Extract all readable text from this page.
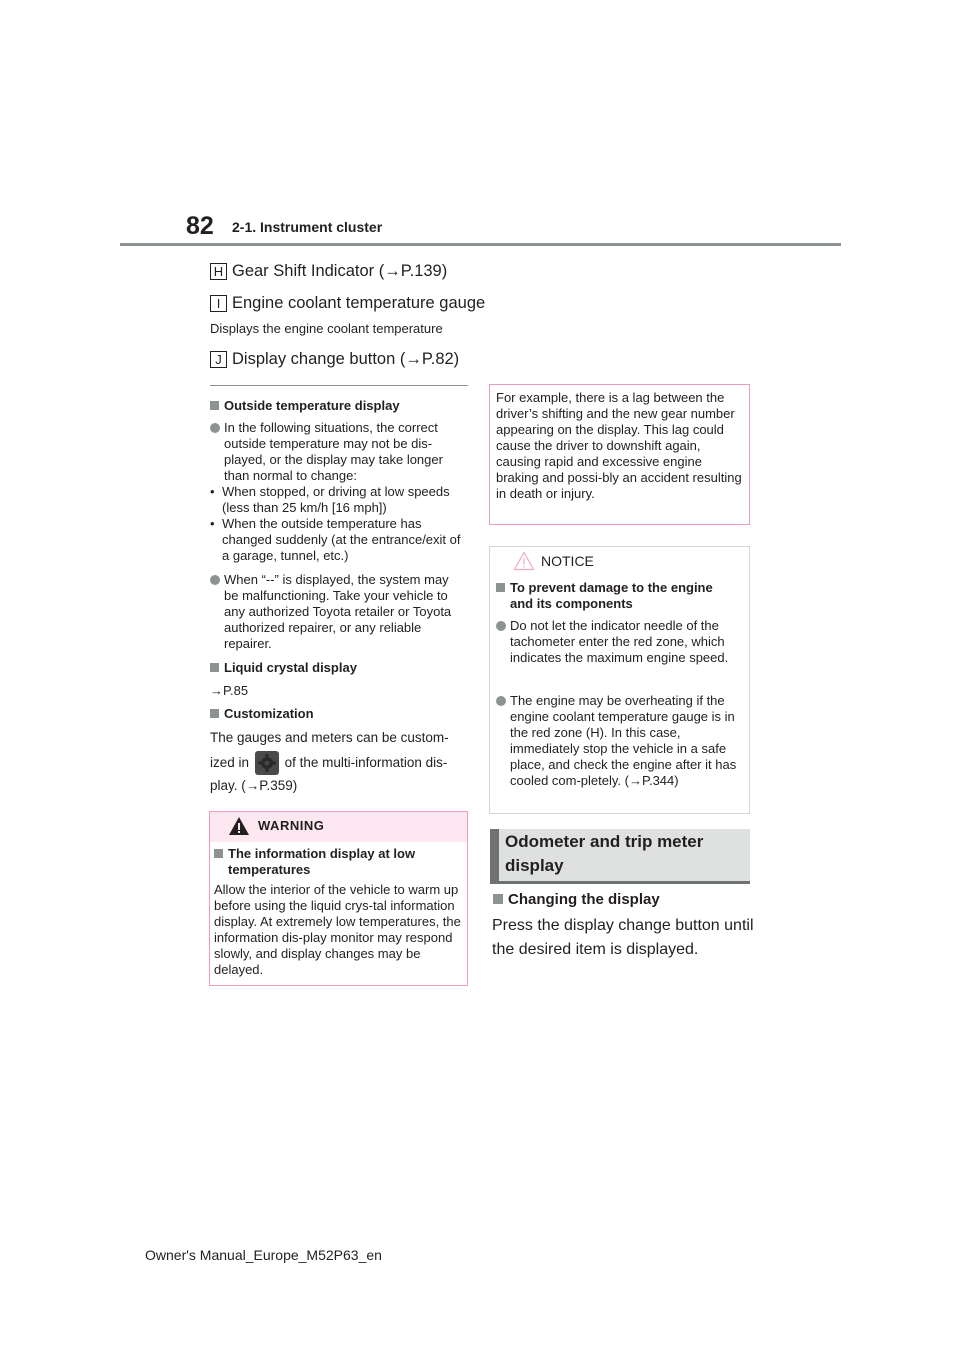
82 2-1. Instrument cluster
H Gear Shift Indicator (→P.139)
I Engine coolant temperature gauge
Displays the engine coolant temperature
J Display change button (→P.82)
Outside temperature display
In the following situations, the correct outside temperature may not be dis-played, or the display may take longer than normal to change:
• When stopped, or driving at low speeds (less than 25 km/h [16 mph])
• When the outside temperature has changed suddenly (at the entrance/exit of a garage, tunnel, etc.)
When “--” is displayed, the system may be malfunctioning. Take your vehicle to any authorized Toyota retailer or Toyota authorized repairer, or any reliable repairer.
Liquid crystal display
→P.85
Customization
The gauges and meters can be custom-
ized in	of the multi-information dis-
play. (→P.359)
WARNING
The information display at low temperatures
Allow the interior of the vehicle to warm up before using the liquid crys-tal information display. At extremely low temperatures, the information dis-play monitor may respond slowly, and display changes may be delayed.
For example, there is a lag between the driver’s shifting and the new gear number appearing on the display. This lag could cause the driver to downshift again, causing rapid and excessive engine braking and possi-bly an accident resulting in death or injury.
NOTICE
To prevent damage to the engine and its components
Do not let the indicator needle of the tachometer enter the red zone, which indicates the maximum engine speed.
The engine may be overheating if the engine coolant temperature gauge is in the red zone (H). In this case, immediately stop the vehicle in a safe place, and check the engine after it has cooled com-pletely. (→P.344)
Odometer and trip meter display
Changing the display
Press the display change button until the desired item is displayed.
Owner's Manual_Europe_M52P63_en
